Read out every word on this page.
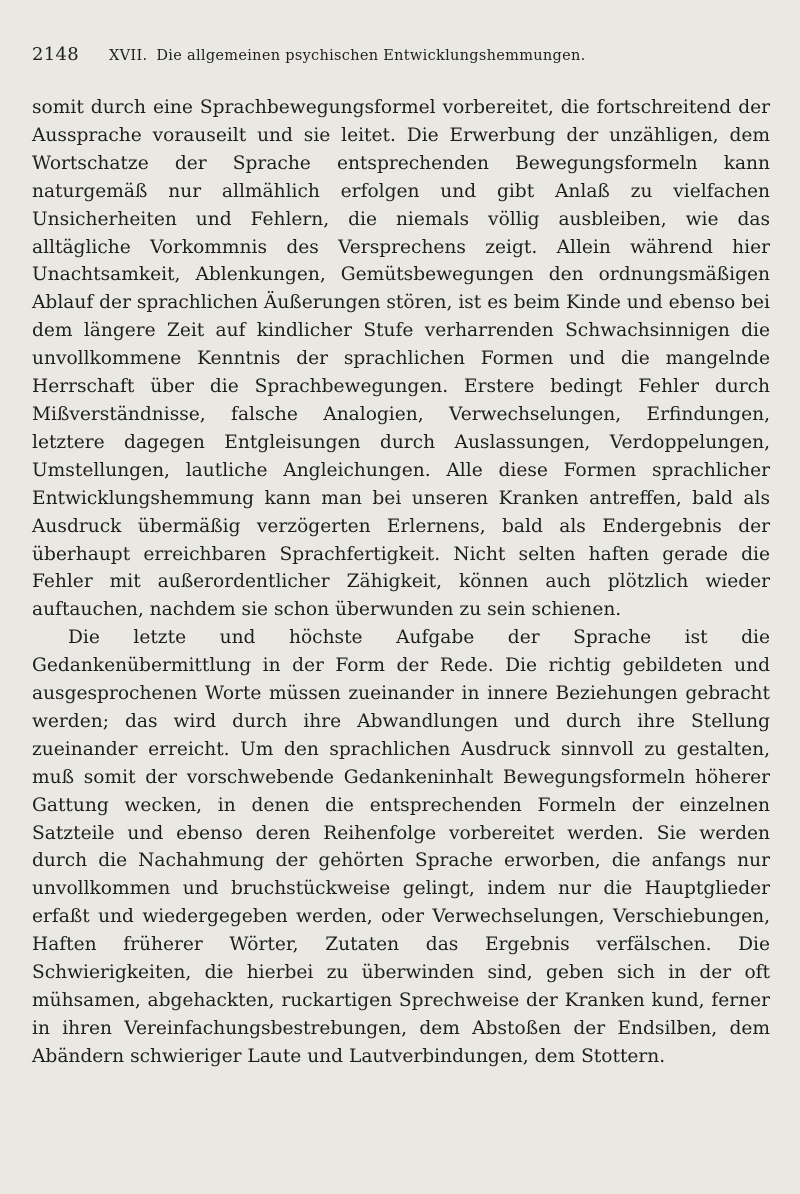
2148 XVII. Die allgemeinen psychischen Entwicklungshemmungen.

somit durch eine Sprachbewegungsformel vorbereitet, die fortschreitend der Aussprache vorauseilt und sie leitet. Die Erwerbung der unzähligen, dem Wortschatze der Sprache entsprechenden Bewegungsformeln kann naturgemäß nur allmählich erfolgen und gibt Anlaß zu vielfachen Unsicherheiten und Fehlern, die niemals völlig ausbleiben, wie das alltägliche Vorkommnis des Versprechens zeigt. Allein während hier Unachtsamkeit, Ablenkungen, Gemütsbewegungen den ordnungsmäßigen Ablauf der sprachlichen Äußerungen stören, ist es beim Kinde und ebenso bei dem längere Zeit auf kindlicher Stufe verharrenden Schwachsinnigen die unvollkommene Kenntnis der sprachlichen Formen und die mangelnde Herrschaft über die Sprachbewegungen. Erstere bedingt Fehler durch Mißverständnisse, falsche Analogien, Verwechselungen, Erfindungen, letztere dagegen Entgleisungen durch Auslassungen, Verdoppelungen, Umstellungen, lautliche Angleichungen. Alle diese Formen sprachlicher Entwicklungshemmung kann man bei unseren Kranken antreffen, bald als Ausdruck übermäßig verzögerten Erlernens, bald als Endergebnis der überhaupt erreichbaren Sprachfertigkeit. Nicht selten haften gerade die Fehler mit außerordentlicher Zähigkeit, können auch plötzlich wieder auftauchen, nachdem sie schon überwunden zu sein schienen.

Die letzte und höchste Aufgabe der Sprache ist die Gedankenübermittlung in der Form der Rede. Die richtig gebildeten und ausgesprochenen Worte müssen zueinander in innere Beziehungen gebracht werden; das wird durch ihre Abwandlungen und durch ihre Stellung zueinander erreicht. Um den sprachlichen Ausdruck sinnvoll zu gestalten, muß somit der vorschwebende Gedankeninhalt Bewegungsformeln höherer Gattung wecken, in denen die entsprechenden Formeln der einzelnen Satzteile und ebenso deren Reihenfolge vorbereitet werden. Sie werden durch die Nachahmung der gehörten Sprache erworben, die anfangs nur unvollkommen und bruchstückweise gelingt, indem nur die Hauptglieder erfaßt und wiedergegeben werden, oder Verwechselungen, Verschiebungen, Haften früherer Wörter, Zutaten das Ergebnis verfälschen. Die Schwierigkeiten, die hierbei zu überwinden sind, geben sich in der oft mühsamen, abgehackten, ruckartigen Sprechweise der Kranken kund, ferner in ihren Vereinfachungsbestrebungen, dem Abstoßen der Endsilben, dem Abändern schwieriger Laute und Lautverbindungen, dem Stottern.
